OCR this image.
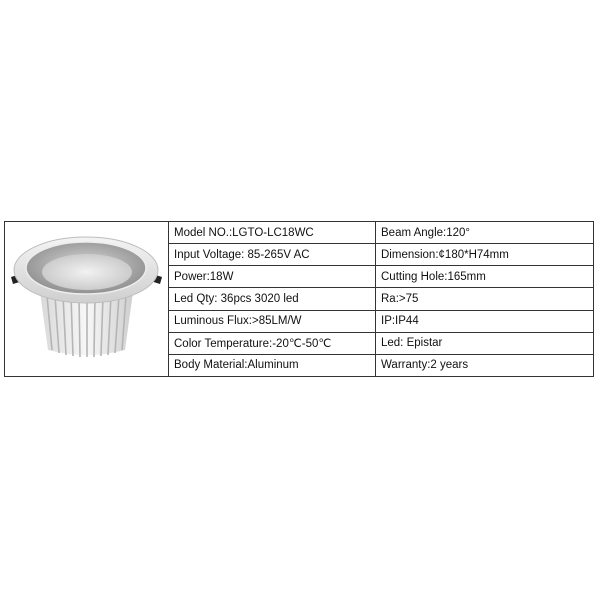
Model NO.:LGTO-LC18WC
Input Voltage: 85-265V AC
Power:18W
Led Qty: 36pcs 3020 led
Luminous Flux:>85LM/W
Color Temperature:-20℃-50℃
Body Material:Aluminum
Beam Angle:120°
Dimension:¢180*H74mm
Cutting Hole:165mm
Ra:>75
IP:IP44
Led: Epistar
Warranty:2 years
